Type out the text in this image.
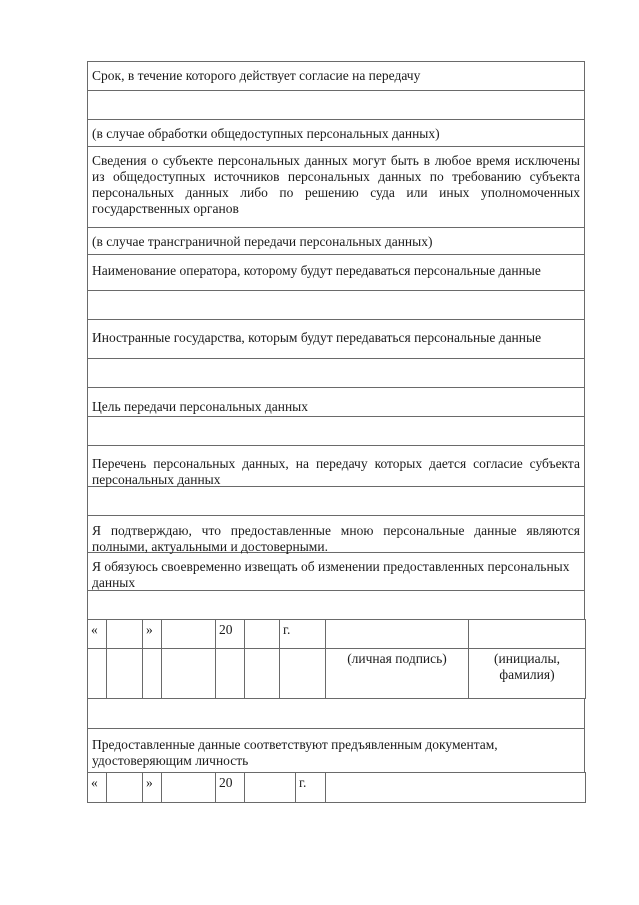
Срок, в течение которого действует согласие на передачу
(в случае обработки общедоступных персональных данных)
Сведения о субъекте персональных данных могут быть в любое время исключены из общедоступных источников персональных данных по требованию субъекта персональных данных либо по решению суда или иных уполномоченных государственных органов
(в случае трансграничной передачи персональных данных)
Наименование оператора, которому будут передаваться персональные данные
Иностранные государства, которым будут передаваться персональные данные
Цель передачи персональных данных
Перечень персональных данных, на передачу которых дается согласие субъекта персональных данных
Я подтверждаю, что предоставленные мною персональные данные являются полными, актуальными и достоверными.
Я обязуюсь своевременно извещать об изменении предоставленных персональных данных
«		»		20		г.		
							(личная подпись)	(инициалы, фамилия)
Предоставленные данные соответствуют предъявленным документам, удостоверяющим личность
«		»		20		г.	
